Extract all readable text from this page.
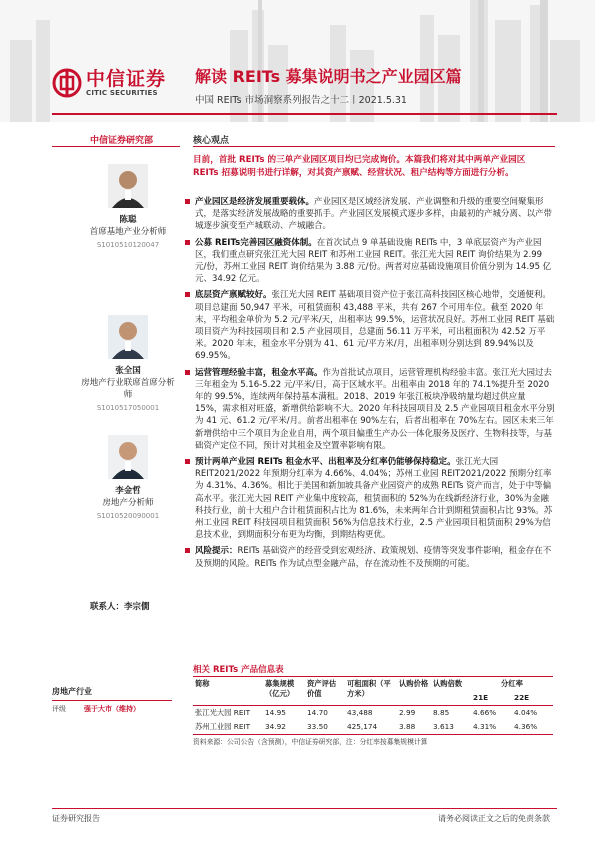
中信证券
CITIC SECURITIES
解读 REITs 募集说明书之产业园区篇
中国 REITs 市场洞察系列报告之十二丨2021.5.31
中信证券研究部
陈聪
首席基地产业分析师
S1010510120047
张全国
房地产行业联席首席分析师
S1010517050001
李金哲
房地产分析师
S1010520090001
联系人：李宗僩
房地产行业
评级	强于大市（维持）
核心观点
目前，首批 REITs 的三单产业园区项目均已完成询价。本篇我们将对其中两单产业园区 REITs 招募说明书进行详解，对其资产禀赋、经营状况、租户结构等方面进行分析。
产业园区是经济发展重要载体。产业园区是区域经济发展、产业调整和升级的重要空间聚集形式，是落实经济发展战略的重要抓手。产业园区发展模式逐步多样，由最初的产城分离、以产带城逐步演变至产城联动、产城融合。
公募 REITs完善园区融资体制。在首次试点 9 单基础设施 REITs 中，3 单底层资产为产业园区，我们重点研究张江光大园 REIT 和苏州工业园 REIT。张江光大园 REIT 询价结果为 2.99 元/份，苏州工业园 REIT 询价结果为 3.88 元/份。两者对应基础设施项目价值分别为 14.95 亿元、34.92 亿元。
底层资产禀赋较好。张江光大园 REIT 基础项目资产位于张江高科技园区核心地带，交通便利。项目总建面 50,947 平米，可租赁面积 43,488 平米，共有 267 个可用车位。截至 2020 年末，平均租金单价为 5.2 元/平米/天，出租率达 99.5%，运营状况良好。苏州工业园 REIT 基础项目资产为科技园项目和 2.5 产业园项目，总建面 56.11 万平米，可出租面积为 42.52 万平米。2020 年末，租金水平分别为 41、61 元/平方米/月，出租率则分别达到 89.94%以及 69.95%。
运营管理经验丰富，租金水平高。作为首批试点项目，运营管理机构经验丰富。张江光大园过去三年租金为 5.16-5.22 元/平米/日，高于区域水平。出租率由 2018 年的 74.1%提升至 2020 年的 99.5%，连续两年保持基本满租。2018、2019 年张江板块净吸纳量均超过供应量 15%，需求相对旺盛，新增供给影响不大。2020 年科技园项目及 2.5 产业园项目租金水平分别为 41 元、61.2 元/平米/月。前者出租率在 90%左右，后者出租率在 70%左右。园区未来三年新增供给中三个项目为企业自用，两个项目偏重生产办公一体化服务及医疗、生物科技等，与基础资产定位不同，预计对其租金及空置率影响有限。
预计两单产业园 REITs 租金水平、出租率及分红率仍能够保持稳定。张江光大园 REIT2021/2022 年预期分红率为 4.66%、4.04%；苏州工业园 REIT2021/2022 预期分红率为 4.31%、4.36%。相比于美国和新加坡具备产业园资产的成熟 REITs 资产而言，处于中等偏高水平。张江光大园 REIT 产业集中度较高，租赁面积的 52%为在线新经济行业，30%为金融科技行业，前十大租户合计租赁面积占比为 81.6%，未来两年合计到期租赁面积占比 93%。苏州工业园 REIT 科技园项目租赁面积 56%为信息技术行业，2.5 产业园项目租赁面积 29%为信息技术业，到期面积分布更为均衡，到期结构更优。
风险提示：REITs 基础资产的经营受到宏观经济、政策规划、疫情等突发事件影响，租金存在不及预期的风险。REITs 作为试点型金融产品，存在流动性不及预期的可能。
相关 REITs 产品信息表
简称	募集规模（亿元）	资产评估价值	可租面积（平方米）	认购价格	认购倍数	分红率	
						21E	22E
张江光大园 REIT	14.95	14.70	43,488	2.99	8.85	4.66%	4.04%
苏州工业园 REIT	34.92	33.50	425,174	3.88	3.613	4.31%	4.36%
资料来源：公司公告（含预测），中信证券研究部，注：分红率按募集规模计算
证券研究报告	请务必阅读正文之后的免责条款
